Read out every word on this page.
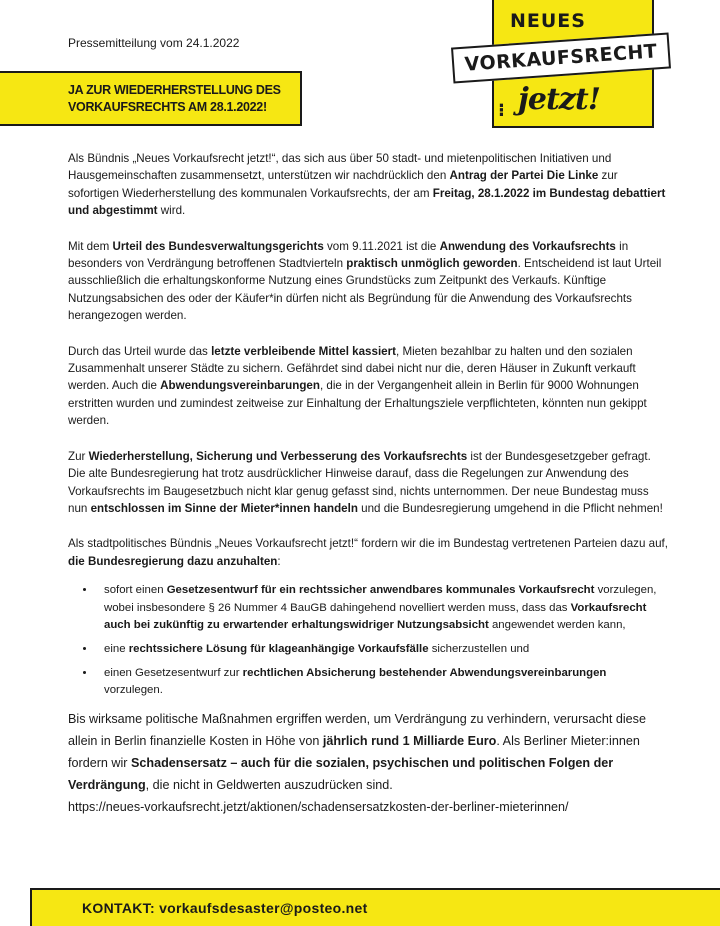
Pressemitteilung vom 24.1.2022
JA ZUR WIEDERHERSTELLUNG DES
VORKAUFSRECHTS AM 28.1.2022!
NEUES
VORKAUFSRECHT
⁝ jetzt!

Als Bündnis „Neues Vorkaufsrecht jetzt!“, das sich aus über 50 stadt- und mietenpolitischen Initiativen und Hausgemeinschaften zusammensetzt, unterstützen wir nachdrücklich den Antrag der Partei Die Linke zur sofortigen Wiederherstellung des kommunalen Vorkaufsrechts, der am Freitag, 28.1.2022 im Bundestag debattiert und abgestimmt wird.

Mit dem Urteil des Bundesverwaltungsgerichts vom 9.11.2021 ist die Anwendung des Vorkaufsrechts in besonders von Verdrängung betroffenen Stadtvierteln praktisch unmöglich geworden. Entscheidend ist laut Urteil ausschließlich die erhaltungskonforme Nutzung eines Grundstücks zum Zeitpunkt des Verkaufs. Künftige Nutzungsabsichen des oder der Käufer*in dürfen nicht als Begründung für die Anwendung des Vorkaufsrechts herangezogen werden.

Durch das Urteil wurde das letzte verbleibende Mittel kassiert, Mieten bezahlbar zu halten und den sozialen Zusammenhalt unserer Städte zu sichern. Gefährdet sind dabei nicht nur die, deren Häuser in Zukunft verkauft werden. Auch die Abwendungsvereinbarungen, die in der Vergangenheit allein in Berlin für 9000 Wohnungen erstritten wurden und zumindest zeitweise zur Einhaltung der Erhaltungsziele verpflichteten, könnten nun gekippt werden.

Zur Wiederherstellung, Sicherung und Verbesserung des Vorkaufsrechts ist der Bundesgesetzgeber gefragt. Die alte Bundesregierung hat trotz ausdrücklicher Hinweise darauf, dass die Regelungen zur Anwendung des Vorkaufsrechts im Baugesetzbuch nicht klar genug gefasst sind, nichts unternommen. Der neue Bundestag muss nun entschlossen im Sinne der Mieter*innen handeln und die Bundesregierung umgehend in die Pflicht nehmen!

Als stadtpolitisches Bündnis „Neues Vorkaufsrecht jetzt!“ fordern wir die im Bundestag vertretenen Parteien dazu auf, die Bundesregierung dazu anzuhalten:

• sofort einen Gesetzesentwurf für ein rechtssicher anwendbares kommunales Vorkaufsrecht vorzulegen, wobei insbesondere § 26 Nummer 4 BauGB dahingehend novelliert werden muss, dass das Vorkaufsrecht auch bei zukünftig zu erwartender erhaltungswidriger Nutzungsabsicht angewendet werden kann,
• eine rechtssichere Lösung für klageanhängige Vorkaufsfälle sicherzustellen und
• einen Gesetzesentwurf zur rechtlichen Absicherung bestehender Abwendungsvereinbarungen vorzulegen.
Bis wirksame politische Maßnahmen ergriffen werden, um Verdrängung zu verhindern, verursacht diese allein in Berlin finanzielle Kosten in Höhe von jährlich rund 1 Milliarde Euro. Als Berliner Mieter:innen fordern wir Schadensersatz – auch für die sozialen, psychischen und politischen Folgen der Verdrängung, die nicht in Geldwerten auszudrücken sind.
https://neues-vorkaufsrecht.jetzt/aktionen/schadensersatzkosten-der-berliner-mieterinnen/
KONTAKT: vorkaufsdesaster@posteo.net
